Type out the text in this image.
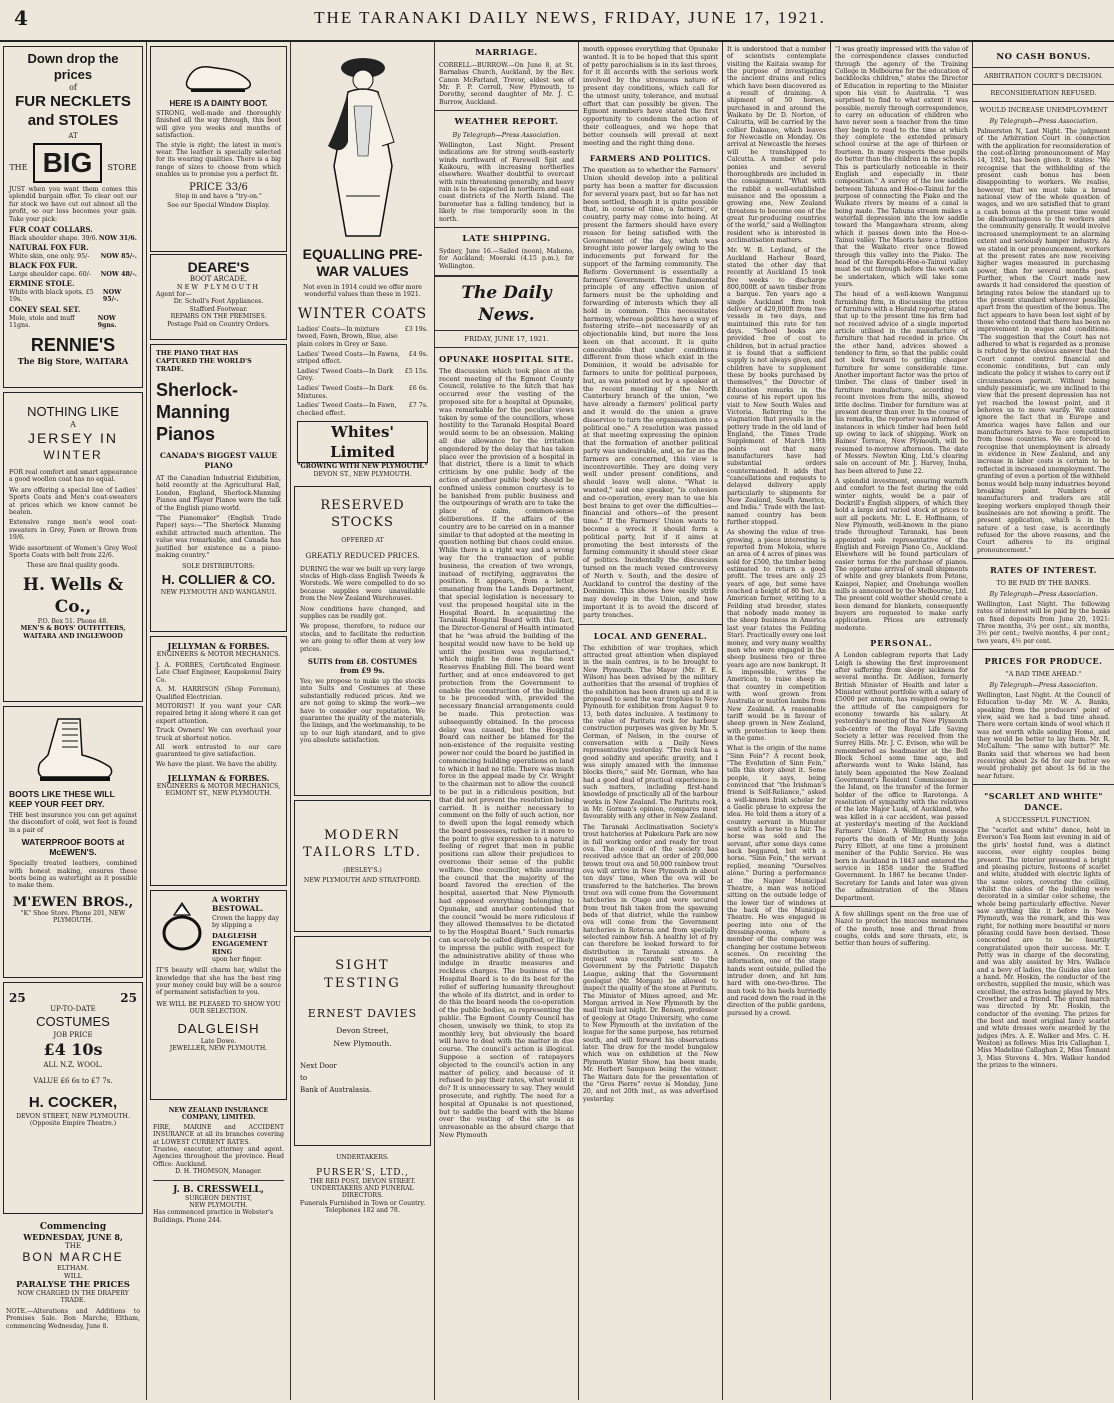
4	THE TARANAKI DAILY NEWS, FRIDAY, JUNE 17, 1921.
Down drop the prices
of
FUR NECKLETS and STOLES
AT
THE BIG STORE
JUST when you want them comes this splendid bargain offer. To clear out our fur stock we have cut out almost all the profit, so our loss becomes your gain. Take your pick:
FUR COAT COLLARS.
Black shoulder shape. 39/6. NOW 31/6.
NATURAL FOX FUR.
White skin, one only. 95/- NOW 85/-.
BLACK FOX FUR.
Large shoulder cape. 60/- NOW 48/-.
ERMINE STOLE.
White with black spots. £5 19s.
NOW 95/-.
CONEY SEAL SET.
Mole, stole and muff 11gns.
NOW 9gns.
RENNIE'S
The Big Store, WAITARA
NOTHING LIKE
A
JERSEY IN
WINTER
FOR real comfort and smart appearance a good woollen coat has no equal.
We are offering a special line of Ladies' Sports Coats and Men's coat-sweaters at prices which we know cannot be beaten.
Extensive range men's wool coat-sweaters in Grey, Fawn or Brown from 19/6.
Wide assortment of Women's Grey Wool Sports Coats with belt from 22/6.
These are final quality goods.
H. Wells & Co.,
P.O. Box 51. Phone 48.
MEN'S & BOYS' OUTFITTERS,
WAITARA AND INGLEWOOD
BOOTS LIKE THESE WILL KEEP YOUR FEET DRY.
THE best insurance you can get against the discomfort of cold, wet feet is found in a pair of
WATERPROOF BOOTS at McEWEN'S.
Specially treated leathers, combined with honest making, ensures these boots being as watertight as it possible to make them.
M'EWEN BROS.,
"K" Shoe Store. Phone 201, NEW PLYMOUTH.
25	25
UP-TO-DATE
COSTUMES
JOB PRICE
£4 10s
ALL N.Z. WOOL.
VALUE £6 6s to £7 7s.
H. COCKER,
DEVON STREET, NEW PLYMOUTH.
(Opposite Empire Theatre.)
Commencing
WEDNESDAY, JUNE 8,
THE
BON MARCHE
ELTHAM.
WILL
PARALYSE THE PRICES
NOW CHARGED IN THE DRAPERY TRADE.
NOTE.—Alterations and Additions to Premises Sale. Bon Marche, Eltham, commencing Wednesday, June 8.
HERE IS A DAINTY BOOT.
STRONG, well-made and thoroughly finished all the way through, this boot will give you weeks and months of satisfaction.
The style is right; the latest in men's wear. The leather is specially selected for its wearing qualities. There is a big range of sizes to choose from which enables us to promise you a perfect fit.
PRICE 33/6
Step in and have a "try-on."
See our Special Window Display.
DEARE'S
BOOT ARCADE,
NEW PLYMOUTH
Agent for—
Dr. Scholl's Foot Appliances.
Stafford Footwear.
REPAIRS ON THE PREMISES.
Postage Paid on Country Orders.
THE PIANO THAT HAS CAPTURED THE WORLD'S TRADE.
Sherlock-Manning Pianos
CANADA'S BIGGEST VALUE PIANO
AT the Canadian Industrial Exhibition, held recently at the Agricultural Hall, London, England, Sherlock-Manning Pianos and Player Pianos were the talk of the English piano world.
"The Pianomaker" (English Trade Paper) says:—"The Sherlock Manning exhibit attracted much attention. The value was remarkable, and Canada has justified her existence as a piano-making country."
SOLE DISTRIBUTORS:
H. COLLIER & CO.
NEW PLYMOUTH AND WANGANUI.
JELLYMAN & FORBES.
ENGINEERS & MOTOR MECHANICS.
J. A. FORBES, Certificated Engineer. Late Chief Engineer, Kaupokonui Dairy Co.
A. M. HARRISON (Shop Foreman), Qualified Electrician.
MOTORIST! If you want your CAR repaired bring it along where it can get expert attention.
Truck Owners! We can overhaul your truck at shortest notice.
All work entrusted to our care guaranteed to give satisfaction.
We have the plant. We have the ability.
JELLYMAN & FORBES.
ENGINEERS & MOTOR MECHANICS,
EGMONT ST., NEW PLYMOUTH.
A WORTHY BESTOWAL.
Crown the happy day by slipping a
DALGLEISH ENGAGEMENT RING
upon her finger.
IT'S beauty will charm her, whilst the knowledge that she has the best ring your money could buy will be a source of permanent satisfaction to you.
WE WILL BE PLEASED TO SHOW YOU OUR SELECTION.
DALGLEISH
Late Dowe.
JEWELLER, NEW PLYMOUTH.
NEW ZEALAND INSURANCE COMPANY, LIMITED.
FIRE, MARINE and ACCIDENT INSURANCE at all its branches covering at LOWEST CURRENT RATES.
Trustee, executor, attorney and agent. Agencies throughout the province. Head Office: Auckland.
D. H. THOMSON, Manager.
J. B. CRESSWELL,
SURGEON DENTIST,
NEW PLYMOUTH.
Has commenced practice in Webster's Buildings. Phone 244.
EQUALLING PRE-WAR VALUES
Not even in 1914 could we offer more wonderful values than these in 1921.
WINTER COATS
Ladies' Coats—In mixture tweed, Fawn, Brown, Blue, also plain colors in Grey or Saxe.
£3 19s.
Ladies' Tweed Coats—In Fawns, striped effect.
£4 9s.
Ladies' Tweed Coats—In Dark Grey.
£5 15s.
Ladies' Tweed Coats—In Dark Mixtures.
£6 6s.
Ladies' Tweed Coats—In Fawn, checked effect.
£7 7s.
Whites' Limited
"GROWING WITH NEW PLYMOUTH."
DEVON ST., NEW PLYMOUTH.
RESERVED STOCKS
OFFERED AT
GREATLY REDUCED PRICES.
DURING the war we built up very large stocks of High-class English Tweeds & Worsteds. We were compelled to do so because supplies were unavailable from the New Zealand Warehouses.
Now conditions have changed, and supplies can be readily got.
We propose, therefore, to reduce our stocks, and to facilitate the reduction we are going to offer them at very low prices.
SUITS from £8. COSTUMES from £9 9s.
Yes; we propose to make up the stocks into Suits and Costumes at these substantially reduced prices. And we are not going to skimp the work—we have to consider our reputation. We guarantee the quality of the materials, the linings, and the workmanship, to be up to our high standard, and to give you absolute satisfaction.
MODERN TAILORS LTD.
(BESLEY'S.)
NEW PLYMOUTH AND STRATFORD.
SIGHT TESTING
ERNEST DAVIES
Devon Street,
New Plymouth.
Next Door
to
Bank of Australasia.
UNDERTAKERS.
PURSER'S, LTD.,
THE RED POST, DEVON STREET.
UNDERTAKERS AND FUNERAL DIRECTORS.
Funerals Furnished in Town or Country. Telephones 182 and 78.
MARRIAGE.
CORRELL—BURROW.—On June 8, at St. Barnabas Church, Auckland, by the Rev. Canon McFarland, Trevor, eldest son of Mr. F. P. Correll, New Plymouth, to Dorothy, second daughter of Mr. J. C. Burrow, Auckland.
WEATHER REPORT.
By Telegraph—Press Association.
Wellington, Last Night. Present indications are for strong south-easterly winds northward of Farewell Spit and Kaikoura, with increasing northerlies elsewhere. Weather doubtful to overcast with rain threatening generally, and heavy rain is to be expected in northern and east coast districts of the North Island. The barometer has a falling tendency, but is likely to rise temporarily soon in the north.
LATE SHIPPING.
Sydney, June 16.—Sailed (noon), Maheno, for Auckland; Moeraki (4.15 p.m.), for Wellington.
The Daily News.
FRIDAY, JUNE 17, 1921.
OPUNAKE HOSPITAL SITE.
The discussion which took place at the recent meeting of the Egmont County Council, relative to the hitch that has occurred over the vesting of the proposed site for a hospital at Opunake, was remarkable for the peculiar views taken by some of the councillors, whose hostility to the Taranaki Hospital Board would seem to be an obsession. Making all due allowance for the irritation engendered by the delay that has taken place over the provision of a hospital in that district, there is a limit to which criticism by one public body of the action of another public body should be confined unless common courtesy is to be banished from public business and the outpourings of wrath are to take the place of calm, common-sense deliberations. If the affairs of the country are to be carried on in a manner similar to that adopted at the meeting in question nothing but chaos could ensue. While there is a right way and a wrong way for the transaction of public business, the creation of two wrongs, instead of rectifying, aggravates the position. It appears, from a letter emanating from the Lands Department, that special legislation is necessary to vest the proposed hospital site in the Hospital Board. In acquainting the Taranaki Hospital Board with this fact, the Director-General of Health intimated that he "was afraid the building of the hospital would now have to be held up until the position was regularised," which might be done in the next Reserves Enabling Bill. The board went further, and at once endeavored to get protection from the Government to enable the construction of the building to be proceeded with, provided the necessary financial arrangements could be made. This protection was subsequently obtained. In the process delay was caused, but the Hospital Board can neither be blamed for the non-existence of the requisite vesting power nor could the board be justified in commencing building operations on land to which it had no title. There was much force in the appeal made by Cr. Wright to the chairman not to allow the council to be put in a ridiculous position, but that did not prevent the resolution being carried. It is neither necessary to comment on the folly of such action, nor to dwell upon the legal remedy which the board possesses, rather is it more to the point to give expression to a natural feeling of regret that men in public positions can allow their prejudices to overcome their sense of the public welfare. One councillor, while assuring the council that the majority of the board favored the erection of the hospital, asserted that New Plymouth had opposed everything belonging to Opunake, and another contended that the council "would be more ridiculous if they allowed themselves to be dictated to by the Hospital Board." Such remarks can scarcely be called dignified, or likely to impress the public with respect for the administrative ability of those who indulge in drastic measures and reckless charges. The business of the Hospital Board is to do its best for the relief of suffering humanity throughout the whole of its district, and in order to do this the board needs the co-operation of the public bodies, as representing the public. The Egmont County Council has chosen, unwisely we think, to stop its monthly levy, but obviously the board will have to deal with the matter in due course. The council's action is illogical. Suppose a section of ratepayers objected to the council's action in any matter of policy, and because of it refused to pay their rates, what would it do? It is unnecessary to say. They would prosecute, and rightly. The need for a hospital at Opunake is not questioned, but to saddle the board with the blame over the vesting of the site is as unreasonable as the absurd charge that New Plymouth
mouth opposes everything that Opunake wanted. It is to be hoped that this spirit of petty parochialism is in its last throes, for it ill accords with the serious work involved by the strenuous nature of present day conditions, which call for the utmost unity, tolerance, and mutual effort that can possibly be given. The Egmont members have stated the first opportunity to condemn the action of their colleagues, and we hope that better counsels will prevail at next meeting and the right thing done.
FARMERS AND POLITICS.
The question as to whether the Farmers' Union should develop into a political party has been a matter for discussion for several years past, but so far has not been settled, though it is quite possible that, in course of time, a farmers', or country, party may come into being. At present the farmers should have every reason for being satisfied with the Government of the day, which was brought into power largely owing to the inducements put forward for the support of the farming community. The Reform Government is essentially a farmers' Government. The fundamental principle of any effective union of farmers must be the upholding and forwarding of interests which they all hold in common. This necessitates harmony, whereas politics have a way of fostering strife—not necessarily of an objectionable kind, but more the less keen on that account. It is quite conceivable that under conditions different from those which exist in the Dominion, it would be advisable for farmers to unite for political purposes, but, as was pointed out by a speaker at the recent meeting of the North Canterbury branch of the union, "we have already a farmers' political party and it would do the union a grave disservice to turn the organisation into a political one." A resolution was passed at that meeting expressing the opinion that the formation of another political party was undesirable, and, so far as the farmers are concerned, this view is incontrovertible. They are doing very well under present conditions, and should leave well alone. "What is wanted," said one speaker, "is cohesion and co-operation, every man to use his best brains to get over the difficulties—financial and others—of the present time." If the Farmers' Union wants to become a wreck it should form a political party, but if it aims at promoting the best interests of the farming community it should steer clear of politics. Incidentally the discussion turned on the much vexed controversy of North v. South, and the desire of Auckland to control the destiny of the Dominion. This shows how easily strife may develop in the Union, and how important it is to avoid the discord of party trenches.
LOCAL AND GENERAL.
The exhibition of war trophies, which attracted great attention when displayed in the main centres, is to be brought to New Plymouth. The Mayor (Mr. F. E. Wilson) has been advised by the military authorities that the arsenal of trophies of the exhibition has been drawn up and it is proposed to send the war trophies to New Plymouth for exhibition from August 9 to 13, both dates inclusive. A testimony to the value of Paritutu rock for harbour construction purposes was given by Mr. S. Gorman, of Nelson, in the course of conversation with a Daily News representative yesterday. "The rock has a good solidity and specific gravity, and I was simply amazed with the immense blocks there," said Mr. Gorman, who has had a good deal of practical experience in such matters, including first-hand knowledge of practically all of the harbour works in New Zealand. The Paritutu rock, in Mr. Gorman's opinion, compares most favourably with any other in New Zealand.
The Taranaki Acclimatisation Society's trout hatcheries at Pukekura Park are now in full working order and ready for trout ova. The council of the society has received advice that an order of 200,000 brown trout ova and 50,000 rainbow trout ova will arrive in New Plymouth in about ten days' time, when the ova will be transferred to the hatcheries. The brown trout ova will come from the Government hatcheries in Otago and were secured from trout fish taken from the spawning beds of that district, while the rainbow ova will come from the Government hatcheries in Rotorua and from specially selected rainbow fish. A healthy lot of fry can therefore be looked forward to for distribution in Taranaki streams. A request was recently sent to the Government by the Patriotic Dispatch League, asking that the Government geologist (Mr. Morgan) be allowed to inspect the quality of the stone at Paritutu. The Minister of Mines agreed, and Mr. Morgan arrived in New Plymouth by the mail train last night. Dr. Benson, professor of geology at Otago University, who came to New Plymouth at the invitation of the league for the same purpose, has returned south, and will forward his observations later. The draw for the model bungalow which was on exhibition at the New Plymouth Winter Show, has been made, Mr. Herbert Sampson being the winner. The Waitara date for the presentation of the "Gros Pierre" revue is Monday, June 20, and not 20th inst., as was advertised yesterday.
It is understood that a number of scientists contemplate visiting the Kaitaia swamp for the purpose of investigating the ancient drains and relics which have been discovered as a result of draining. A shipment of 50 horses, purchased in and around the Waikato by Dr. D. Norton, of Calcutta, will be carried by the collier Dakanoo, which leaves for Newcastle on Monday. On arrival at Newcastle the horses will be transhipped to Calcutta. A number of polo ponies and several thoroughbreds are included in the consignment. "What with the rabbit a well-established nuisance and the opossum a growing one, New Zealand threatens to become one of the great fur-producing countries of the world," said a Wellington resident who is interested in acclimatisation matters.
Mr. W. B. Leyland, of the Auckland Harbour Board, stated the other day that recently at Auckland 15 took five weeks to discharge 800,000ft of sawn timber from a barque. Ten years ago a single Auckland firm took delivery of 420,000ft from two vessels in two days, and maintained this rate for ten days. "School books are provided free of cost to children, but in actual practice it is found that a sufficient supply is not always given, and children have to supplement these by books purchased by themselves," the Director of Education remarks in the course of his report upon his visit to New South Wales and Victoria. Referring to the stagnation that prevails in the pottery trade in the old land of England, the Times Trade Supplement of March 19th points out that many manufacturers have had substantial orders countermanded. It adds that "cancellations and requests to delayed delivery apply particularly to shipments for New Zealand, South America, and India." Trade with the last-named country has been further stopped.
As showing the value of tree-growing, a piece interesting is reported from Mokoia, where an area of 4 acres of pines was sold for £500, the timber being estimated to return a good profit. The trees are only 25 years of age, but some have reached a height of 80 feet. An American farmer, writing to a Feilding stud breeder, states that nobody made money in the sheep business in America last year (states the Feilding Star). Practically every one lost money, and very many wealthy men who were engaged in the sheep business two or three years ago are now bankrupt. It is impossible, writes the American, to raise sheep in that country in competition with wool grown from Australia or mutton lambs from New Zealand. A reasonable tariff would be in favour of sheep grown in New Zealand, with protection to keep them in the game.
What is the origin of the name "Sinn Fein"? A recent book, "The Evolution of Sinn Fein," tells this story about it. Some people, it says, being convinced that "the Irishman's friend is Self-Reliance," asked a well-known Irish scholar for a Gaelic phrase to express the idea. He told them a story of a country servant in Munster sent with a horse to a fair. The horse was sold and the servant, after some days came back beggared, but with a horse. "Sinn Fein," the servant replied, meaning "Ourselves alone." During a performance at the Napier Municipal Theatre, a man was noticed sitting on the outside ledge of the lower tier of windows at the back of the Municipal Theatre. He was engaged in peering into one of the dressing-rooms, where a member of the company was changing her costume between scenes. On receiving the information, one of the stage hands went outside, pulled the intruder down, and hit him hard with one-two-three. The man took to his heels hurriedly and raced down the road in the direction of the public gardens, pursued by a crowd.
"I was greatly impressed with the value of the correspondence classes conducted through the agency of the Training College in Melbourne for the education of backblocks children," states the Director of Education in reporting to the Minister upon his visit to Australia. "I was surprised to find to what extent it was possible, merely through correspondence, to carry on education of children who have never seen a teacher from the time they begin to read to the time at which they complete the extended primary school course at the age of thirteen or fourteen. In many respects these pupils do better than the children in the schools. This is particularly noticeable in their English and especially in their composition." A survey of the low saddle between Tahuna and Hoe-o-Tainui for the purpose of connecting the Piako and the Waikato rivers by means of a canal is being made. The Tahuna stream makes a waterfall depression into the low saddle toward the Mangawhara stream, along which it passes down into the Hoe-o-Tainui valley. The Maoris have a tradition that the Waikato river once flowed through this valley into the Piako. The head of the Kerepehi-Hoe-o-Tainui valley must be cut through before the work can be undertaken, which will take some years.
The head of a well-known Wanganui furnishing firm, in discussing the prices of furniture with a Herald reporter, stated that up to the present time his firm had not received advice of a single imported article utilised in the manufacture of furniture that had receded in price. On the other hand, advices showed a tendency to firm, so that the public could not look forward to getting cheaper furniture for some considerable time. Another important factor was the price of timber. The class of timber used in furniture manufacture, according to recent invoices from the mills, showed little decline. Timber for furniture was at present dearer than ever. In the course of his remarks, the reporter was informed of instances in which timber had been held up owing to lack of shipping. Work on Baines' Terrace, New Plymouth, will be resumed to-morrow afternoon. The date of Messrs. Newton King, Ltd.'s clearing sale on account of Mr. J. Harvey, Inuha, has been altered to June 22.
A splendid investment, ensuring warmth and comfort to the feet during the cold winter nights, would be a pair of Dockrill's English slippers, of which they hold a large and varied stock at prices to suit all pockets. Mr. L. E. Hoffmann, of New Plymouth, well-known in the piano trade throughout Taranaki, has been appointed sole representative of the English and Foreign Piano Co., Auckland. Elsewhere will be found particulars of easier terms for the purchase of pianos. The opportune arrival of small shipments of white and grey blankets from Petone, Kaiapoi, Napier, and Onehunga woollen mills is announced by the Melbourne, Ltd. The present cold weather should create a keen demand for blankets, consequently buyers are requested to make early application. Prices are extremely moderate.
PERSONAL.
A London cablegram reports that Lady Leigh is showing the first improvement after suffering from sleepy sickness for several months. Dr. Addison, formerly British Minister of Health and later a Minister without portfolio with a salary of £5000 per annum, has resigned owing to the attitude of the campaigners for economy towards his salary. At yesterday's meeting of the New Plymouth sub-centre of the Royal Life Saving Society a letter was received from the Surrey Hills. Mr. J. C. Evison, who will be remembered as headmaster at the Bell Block School some time ago, and afterwards went to Wake Island, has lately been appointed the New Zealand Government's Resident Commissioner in the Island, on the transfer of the former holder of the office to Rarotonga. A resolution of sympathy with the relatives of the late Major Lusk, of Auckland, who was killed in a car accident, was passed at yesterday's meeting of the Auckland Farmers' Union. A Wellington message reports the death of Mr. Huntly John Parry Elliott, at one time a prominent member of the Public Service. He was born in Auckland in 1843 and entered the service in 1858 under the Stafford Government. In 1867 he became Under-Secretary for Lands and later was given the administration of the Mines Department.
A few shillings spent on the free use of Nazol to protect the mucous membranes of the mouth, nose and throat from coughs, colds and sore throats, etc, is better than hours of suffering.
NO CASH BONUS.
ARBITRATION COURT'S DECISION.
RECONSIDERATION REFUSED.
WOULD INCREASE UNEMPLOYMENT
By Telegraph—Press Association.
Palmerston N, Last Night. The judgment of the Arbitration Court in connection with the application for reconsideration of the cost-of-living pronouncement of May 14, 1921, has been given. It states: "We recognise that the withholding of the present cash bonus has been disappointing to workers. We realise, however, that we must take a broad national view of the whole question of wages, and we are satisfied that to grant a cash bonus at the present time would be disadvantageous to the workers and the community generally. It would involve increased unemployment to an alarming extent and seriously hamper industry. As we stated in our pronouncement, workers at the present rates are now receiving higher wages measured in purchasing power, than for several months past. Further, when the Court made new awards it had considered the question of bringing rates below the standard up to the present standard wherever possible, apart from the question of the bonus. The fact appears to have been lost sight of by those who contend that there has been no improvement in wages and conditions. "The suggestion that the Court has not adhered to what is regarded as a promise is refuted by the obvious answer that the Court cannot control financial and economic conditions, but can only indicate the policy it wishes to carry out if circumstances permit. Without being unduly pessimistic, we are inclined to the view that the present depression has not yet reached the lowest point, and it behoves us to move warily. We cannot ignore the fact that in Europe and America wages have fallen and our manufacturers have to face competition from those countries. We are forced to recognise that unemployment is already in evidence in New Zealand, and any increase in labor costs is certain to be reflected in increased unemployment. The granting of even a portion of the withheld bonus would help many industries beyond breaking point. Numbers of manufacturers and traders are still keeping workers employed though their businesses are not showing a profit. The present application, which is in the nature of a test case, is accordingly refused for the above reasons, and the Court adheres to its original pronouncement."
RATES OF INTEREST.
TO BE PAID BY THE BANKS.
By Telegraph—Press Association.
Wellington, Last Night. The following rates of interest will be paid by the banks on fixed deposits from June 20, 1921: Three months, 3¼ per cent.; six months, 3½ per cent.; twelve months, 4 per cent.; two years, 4½ per cent.
PRICES FOR PRODUCE.
"A BAD TIME AHEAD."
By Telegraph—Press Association.
Wellington, Last Night. At the Council of Education to-day Mr. W. A. Banks, speaking from the producers' point of view, said we had a bad time ahead. There were certain kinds of wool which it was not worth while sending Home, and they would be better to lay them. Mr. R. McCallum: "The same with butter?" Mr. Banks said that whereas we had been receiving about 2s 6d for our butter we would probably get about 1s 6d in the near future.
"SCARLET AND WHITE" DANCE.
A SUCCESSFUL FUNCTION.
The "scarlet and white" dance, held in Everson's Tea Room last evening in aid of the girls' hostel fund, was a distinct success, over eighty couples being present. The interior presented a bright and pleasing picture, festoons of scarlet and white, studded with electric lights of the same colors, covering the ceiling, whilst the sides of the building were decorated in a similar color scheme, the whole being particularly effective. Never saw anything like it before in New Plymouth, was the remark, and this was right, for nothing more beautiful or more pleasing could have been devised. Those concerned are to be heartily congratulated upon their success. Mr. T. Petty was in charge of the decorating, and was ably assisted by Mrs. Wallace and a bevy of ladies, the Guides also lent a hand. Mr. Hoskin, the conductor of the orchestra, supplied the music, which was excellent, the extras being played by Mrs. Crowther and a friend. The grand march was directed by Mr. Hoskin, the conductor of the evening. The prizes for the best and most original fancy scarlet and white dresses were awarded by the judges (Mrs. A. E. Walker and Mrs. C. H. Weston) as follows: Miss Iris Callaghan 1, Miss Madeline Callaghan 2, Miss Tennant 3, Miss Stevens 4. Mrs. Walker handed the prizes to the winners.
